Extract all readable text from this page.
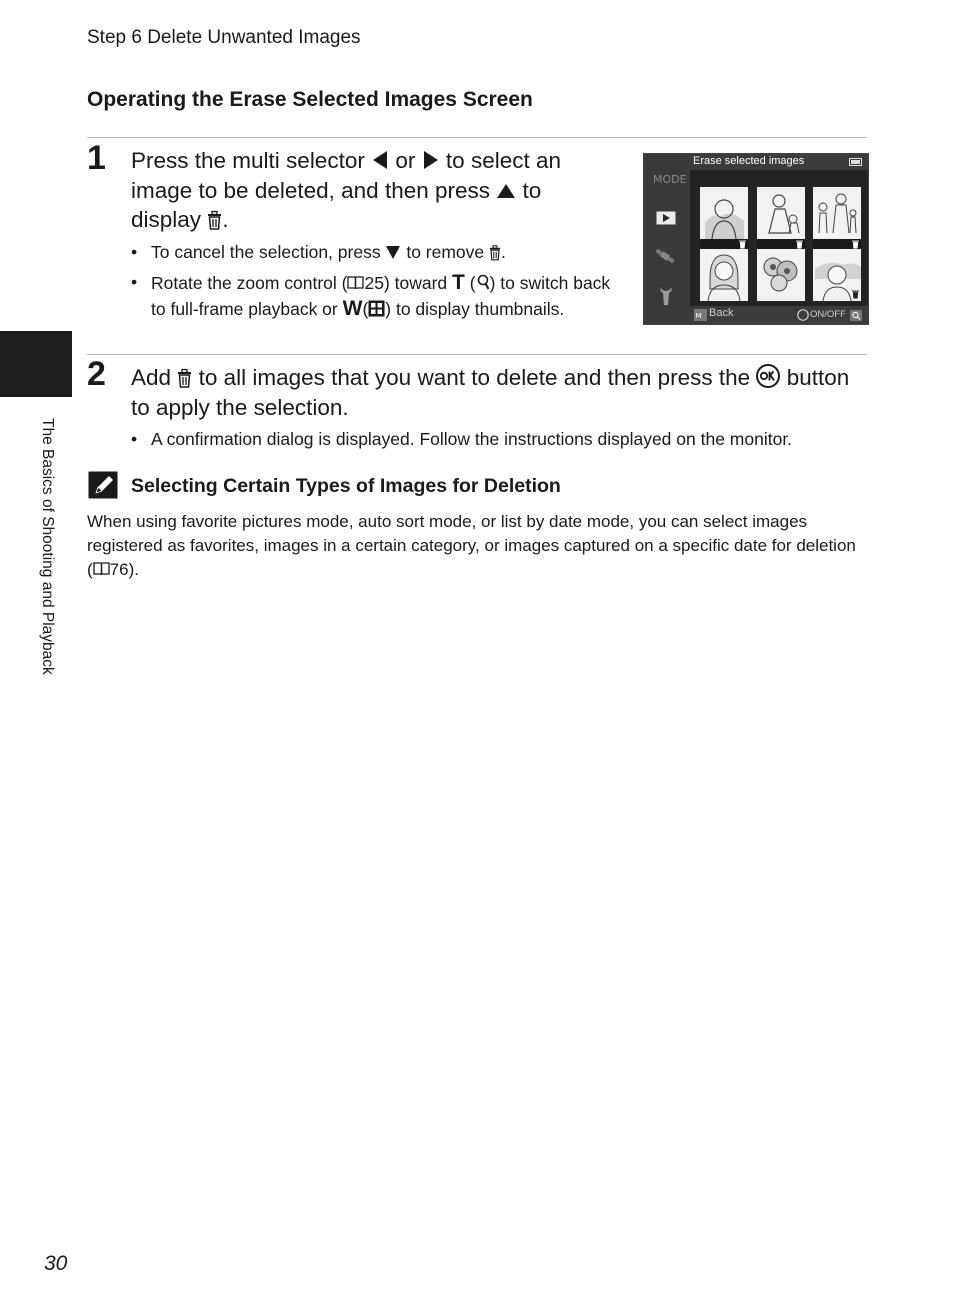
Step 6 Delete Unwanted Images
Operating the Erase Selected Images Screen
1 Press the multi selector or to select an image to be deleted, and then press to display .
• To cancel the selection, press to remove .
• Rotate the zoom control ( 25) toward T ( ) to switch back to full-frame playback or W( ) to display thumbnails.
MODE
Erase selected images
M Back	ON/OFF
2 Add to all images that you want to delete and then press the button to apply the selection.
• A confirmation dialog is displayed. Follow the instructions displayed on the monitor.
Selecting Certain Types of Images for Deletion
When using favorite pictures mode, auto sort mode, or list by date mode, you can select images registered as favorites, images in a certain category, or images captured on a specific date for deletion ( 76).
The Basics of Shooting and Playback
30
